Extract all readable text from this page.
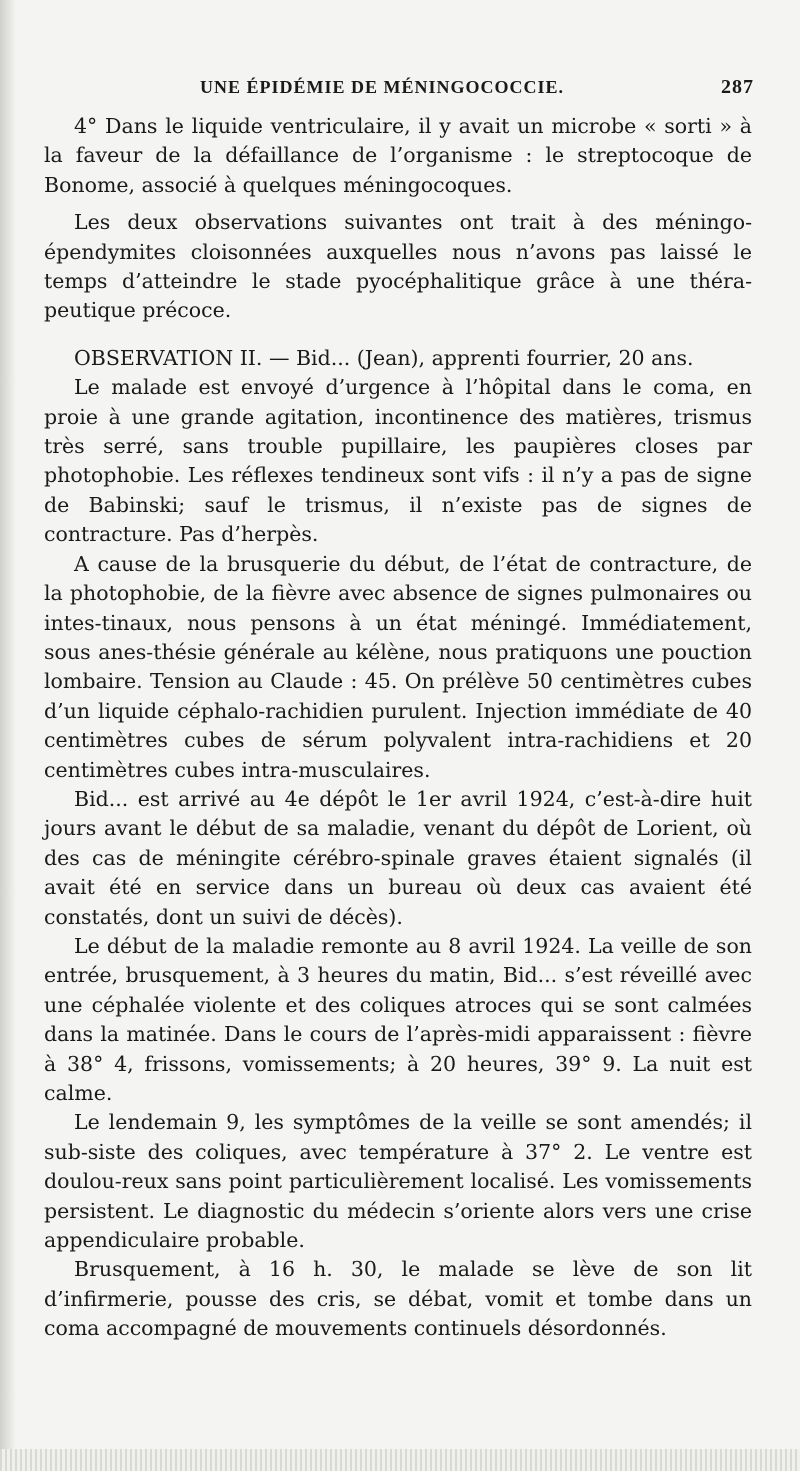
UNE ÉPIDÉMIE DE MÉNINGOCOCCIE.	287

4° Dans le liquide ventriculaire, il y avait un microbe « sorti » à la faveur de la défaillance de l’organisme : le streptocoque de Bonome, associé à quelques méningocoques.

Les deux observations suivantes ont trait à des méningo-épendymites cloisonnées auxquelles nous n’avons pas laissé le temps d’atteindre le stade pyocéphalitique grâce à une théra-peutique précoce.

OBSERVATION II. — Bid... (Jean), apprenti fourrier, 20 ans.

Le malade est envoyé d’urgence à l’hôpital dans le coma, en proie à une grande agitation, incontinence des matières, trismus très serré, sans trouble pupillaire, les paupières closes par photophobie. Les réflexes tendineux sont vifs : il n’y a pas de signe de Babinski; sauf le trismus, il n’existe pas de signes de contracture. Pas d’herpès.

A cause de la brusquerie du début, de l’état de contracture, de la photophobie, de la fièvre avec absence de signes pulmonaires ou intes-tinaux, nous pensons à un état méningé. Immédiatement, sous anes-thésie générale au kélène, nous pratiquons une pouction lombaire. Tension au Claude : 45. On prélève 50 centimètres cubes d’un liquide céphalo-rachidien purulent. Injection immédiate de 40 centimètres cubes de sérum polyvalent intra-rachidiens et 20 centimètres cubes intra-musculaires.

Bid... est arrivé au 4e dépôt le 1er avril 1924, c’est-à-dire huit jours avant le début de sa maladie, venant du dépôt de Lorient, où des cas de méningite cérébro-spinale graves étaient signalés (il avait été en service dans un bureau où deux cas avaient été constatés, dont un suivi de décès).

Le début de la maladie remonte au 8 avril 1924. La veille de son entrée, brusquement, à 3 heures du matin, Bid... s’est réveillé avec une céphalée violente et des coliques atroces qui se sont calmées dans la matinée. Dans le cours de l’après-midi apparaissent : fièvre à 38° 4, frissons, vomissements; à 20 heures, 39° 9. La nuit est calme.

Le lendemain 9, les symptômes de la veille se sont amendés; il sub-siste des coliques, avec température à 37° 2. Le ventre est doulou-reux sans point particulièrement localisé. Les vomissements persistent. Le diagnostic du médecin s’oriente alors vers une crise appendiculaire probable.

Brusquement, à 16 h. 30, le malade se lève de son lit d’infirmerie, pousse des cris, se débat, vomit et tombe dans un coma accompagné de mouvements continuels désordonnés.
